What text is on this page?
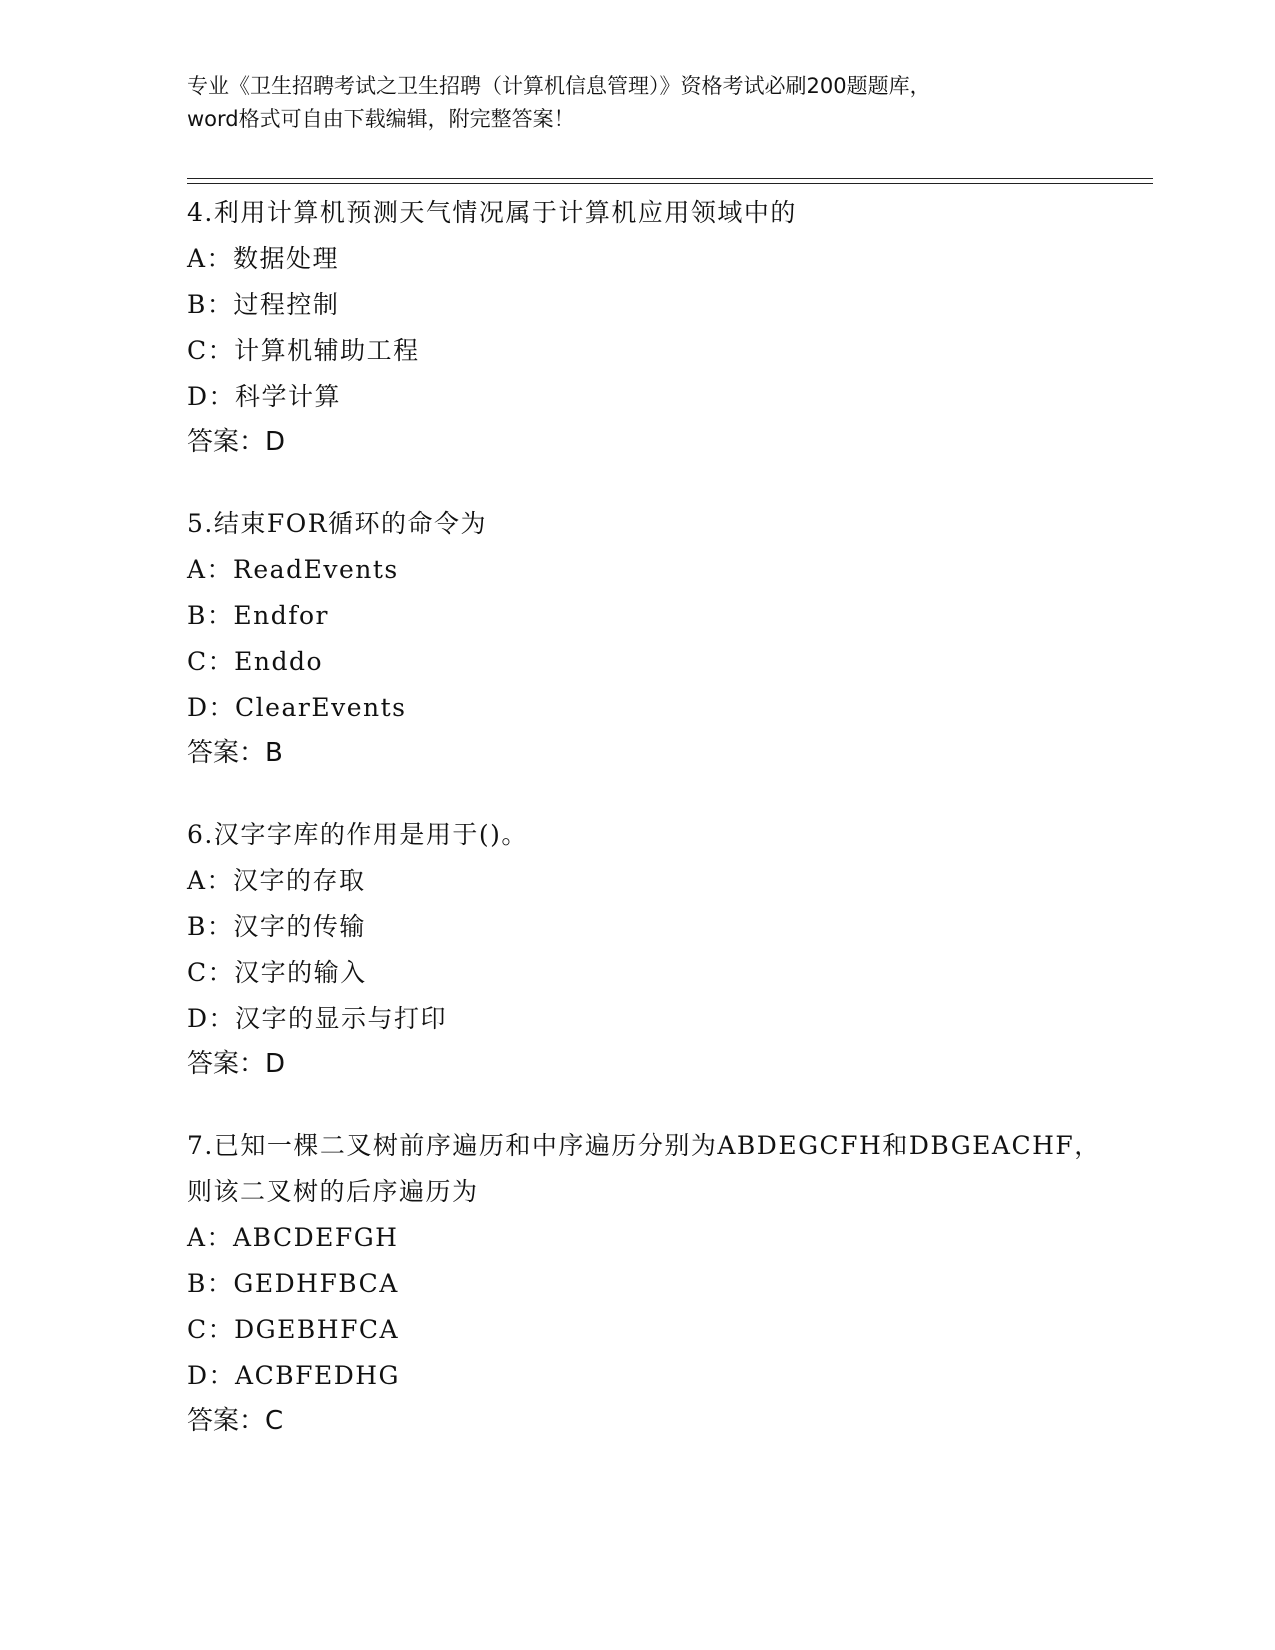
专业《卫生招聘考试之卫生招聘（计算机信息管理）》资格考试必刷200题题库，
word格式可自由下载编辑，附完整答案！

4.利用计算机预测天气情况属于计算机应用领域中的

A：数据处理

B：过程控制

C：计算机辅助工程

D：科学计算

答案：D

5.结束FOR循环的命令为

A：ReadEvents

B：Endfor

C：Enddo

D：ClearEvents

答案：B

6.汉字字库的作用是用于()。

A：汉字的存取

B：汉字的传输

C：汉字的输入

D：汉字的显示与打印

答案：D

7.已知一棵二叉树前序遍历和中序遍历分别为ABDEGCFH和DBGEACHF，

则该二叉树的后序遍历为

A：ABCDEFGH

B：GEDHFBCA

C：DGEBHFCA

D：ACBFEDHG

答案：C
